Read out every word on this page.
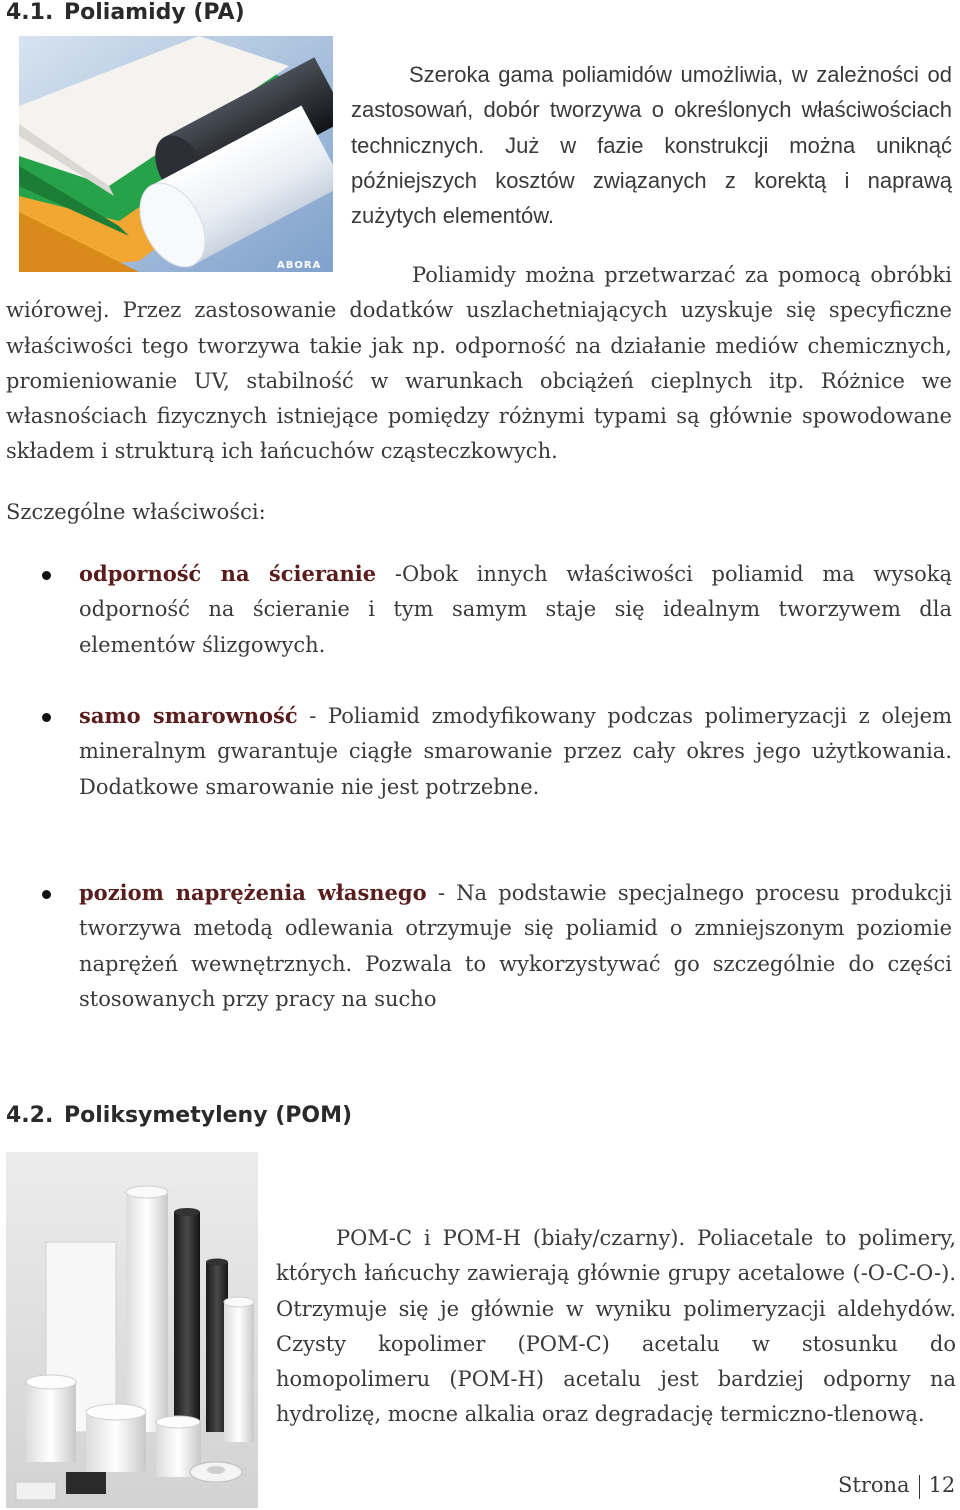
4.1. Poliamidy (PA)
ABORA

Szeroka gama poliamidów umożliwia, w zależności od zastosowań, dobór tworzywa o określonych właściwościach technicznych. Już w fazie konstrukcji można uniknąć późniejszych kosztów związanych z korektą i naprawą zużytych elementów.

Poliamidy można przetwarzać za pomocą obróbki wiórowej. Przez zastosowanie dodatków uszlachetniających uzyskuje się specyficzne właściwości tego tworzywa takie jak np. odporność na działanie mediów chemicznych, promieniowanie UV, stabilność w warunkach obciążeń cieplnych itp. Różnice we własnościach fizycznych istniejące pomiędzy różnymi typami są głównie spowodowane składem i strukturą ich łańcuchów cząsteczkowych.

Szczególne właściwości:

odporność na ścieranie -Obok innych właściwości poliamid ma wysoką odporność na ścieranie i tym samym staje się idealnym tworzywem dla elementów ślizgowych.

samo smarowność - Poliamid zmodyfikowany podczas polimeryzacji z olejem mineralnym gwarantuje ciągłe smarowanie przez cały okres jego użytkowania. Dodatkowe smarowanie nie jest potrzebne.

poziom naprężenia własnego - Na podstawie specjalnego procesu produkcji tworzywa metodą odlewania otrzymuje się poliamid o zmniejszonym poziomie naprężeń wewnętrznych. Pozwala to wykorzystywać go szczególnie do części stosowanych przy pracy na sucho

4.2. Poliksymetyleny (POM)

POM-C i POM-H (biały/czarny). Poliacetale to polimery, których łańcuchy zawierają głównie grupy acetalowe (-O-C-O-). Otrzymuje się je głównie w wyniku polimeryzacji aldehydów. Czysty kopolimer (POM-C) acetalu w stosunku do homopolimeru (POM-H) acetalu jest bardziej odporny na hydrolizę, mocne alkalia oraz degradację termiczno-tlenową.

Strona 12
